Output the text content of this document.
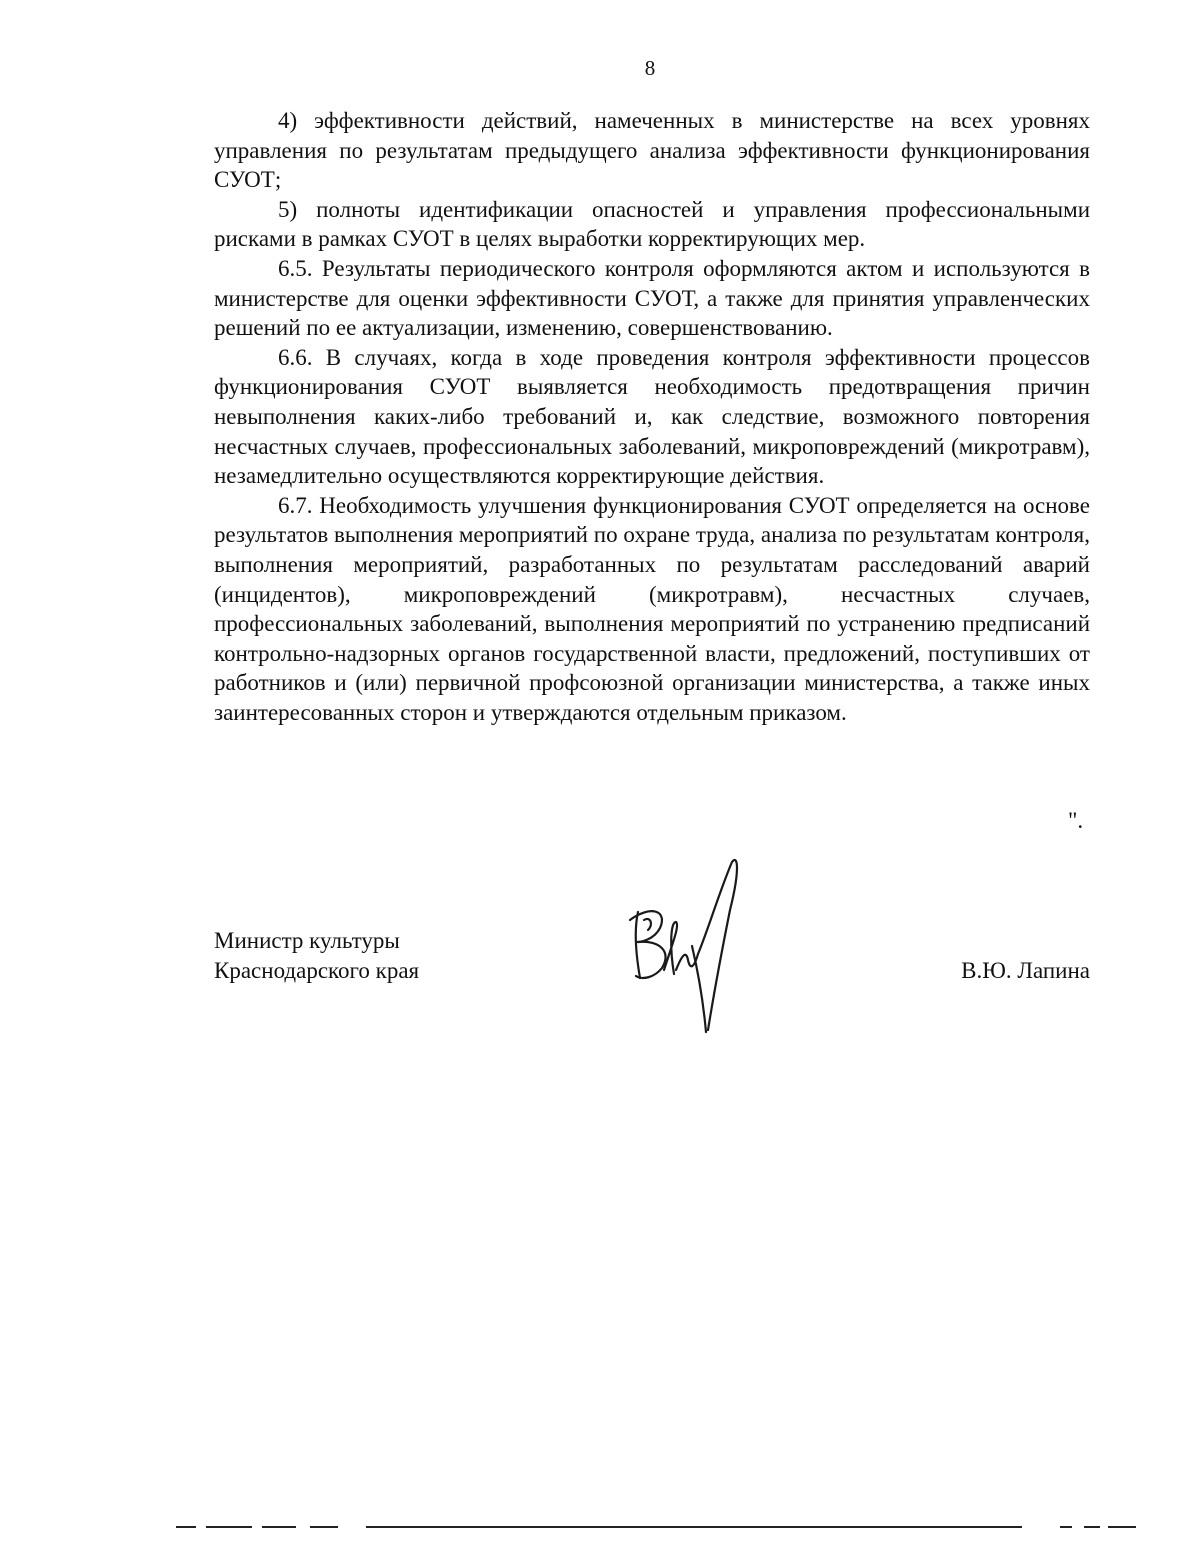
8

4) эффективности действий, намеченных в министерстве на всех уровнях управления по результатам предыдущего анализа эффективности функционирования СУОТ;

5) полноты идентификации опасностей и управления профессиональными рисками в рамках СУОТ в целях выработки корректирующих мер.

6.5. Результаты периодического контроля оформляются актом и используются в министерстве для оценки эффективности СУОТ, а также для принятия управленческих решений по ее актуализации, изменению, совершенствованию.

6.6. В случаях, когда в ходе проведения контроля эффективности процессов функционирования СУОТ выявляется необходимость предотвращения причин невыполнения каких-либо требований и, как следствие, возможного повторения несчастных случаев, профессиональных заболеваний, микроповреждений (микротравм), незамедлительно осуществляются корректирующие действия.

6.7. Необходимость улучшения функционирования СУОТ определяется на основе результатов выполнения мероприятий по охране труда, анализа по результатам контроля, выполнения мероприятий, разработанных по результатам расследований аварий (инцидентов), микроповреждений (микротравм), несчастных случаев, профессиональных заболеваний, выполнения мероприятий по устранению предписаний контрольно-надзорных органов государственной власти, предложений, поступивших от работников и (или) первичной профсоюзной организации министерства, а также иных заинтересованных сторон и утверждаются отдельным приказом.

".
Министр культуры
Краснодарского края	В.Ю. Лапина
